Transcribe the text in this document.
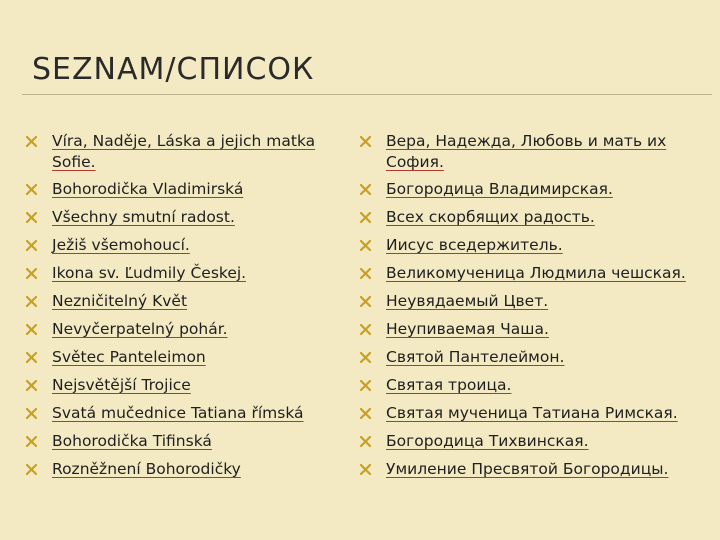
SEZNAM/СПИСОК
Víra, Naděje, Láska a jejich matka Sofie.
Bohorodička Vladimirská
Všechny smutní radost.
Ježiš všemohoucí.
Ikona sv. Ľudmily Českej.
Nezničitelný Květ
Nevyčerpatelný pohár.
Světec Panteleimon
Nejsvětější Trojice
Svatá mučednice Tatiana římská
Bohorodička Tifinská
Rozněžnení Bohorodičky
Вера, Надежда, Любовь и мать их София.
Богородица Владимирская.
Всех скорбящих радость.
Иисус вседержитель.
Великомученица Людмила чешская.
Неувядаемый Цвет.
Неупиваемая Чаша.
Святой Пантелеймон.
Святая троица.
Святая мученица Татиана Римская.
Богородица Тихвинская.
Умиление Пресвятой Богородицы.
